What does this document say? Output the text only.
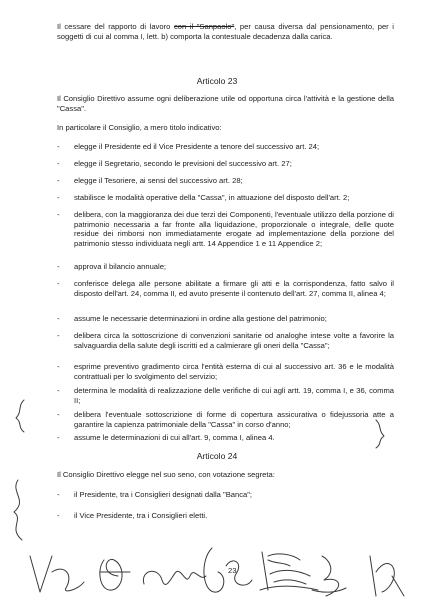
Il cessare del rapporto di lavoro con il "Sanpaolo", per causa diversa dal pensionamento, per i soggetti di cui al comma I, lett. b) comporta la contestuale decadenza dalla carica.

Articolo 23

Il Consiglio Direttivo assume ogni deliberazione utile od opportuna circa l'attività e la gestione della "Cassa".

In particolare il Consiglio, a mero titolo indicativo:

- elegge il Presidente ed il Vice Presidente a tenore del successivo art. 24;
- elegge il Segretario, secondo le previsioni del successivo art. 27;
- elegge il Tesoriere, ai sensi del successivo art. 28;
- stabilisce le modalità operative della "Cassa", in attuazione del disposto dell'art. 2;
- delibera, con la maggioranza dei due terzi dei Componenti, l'eventuale utilizzo della porzione di patrimonio necessaria a far fronte alla liquidazione, proporzionale o integrale, delle quote residue dei rimborsi non immediatamente erogate ad implementazione della porzione del patrimonio stesso individuata negli artt. 14 Appendice 1 e 11 Appendice 2;
- approva il bilancio annuale;
- conferisce delega alle persone abilitate a firmare gli atti e la corrispondenza, fatto salvo il disposto dell'art. 24, comma II, ed avuto presente il contenuto dell'art. 27, comma II, alinea 4;
- assume le necessarie determinazioni in ordine alla gestione del patrimonio;
- delibera circa la sottoscrizione di convenzioni sanitarie od analoghe intese volte a favorire la salvaguardia della salute degli iscritti ed a calmierare gli oneri della "Cassa";
- esprime preventivo gradimento circa l'entità esterna di cui al successivo art. 36 e le modalità contrattuali per lo svolgimento del servizio;
- determina le modalità di realizzazione delle verifiche di cui agli artt. 19, comma I, e 36, comma II;
- delibera l'eventuale sottoscrizione di forme di copertura assicurativa o fidejussoria atte a garantire la capienza patrimoniale della "Cassa" in corso d'anno;
- assume le determinazioni di cui all'art. 9, comma I, alinea 4.

Articolo 24

Il Consiglio Direttivo elegge nel suo seno, con votazione segreta:

- il Presidente, tra i Consiglieri designati dalla "Banca";
- il Vice Presidente, tra i Consiglieri eletti.
23
